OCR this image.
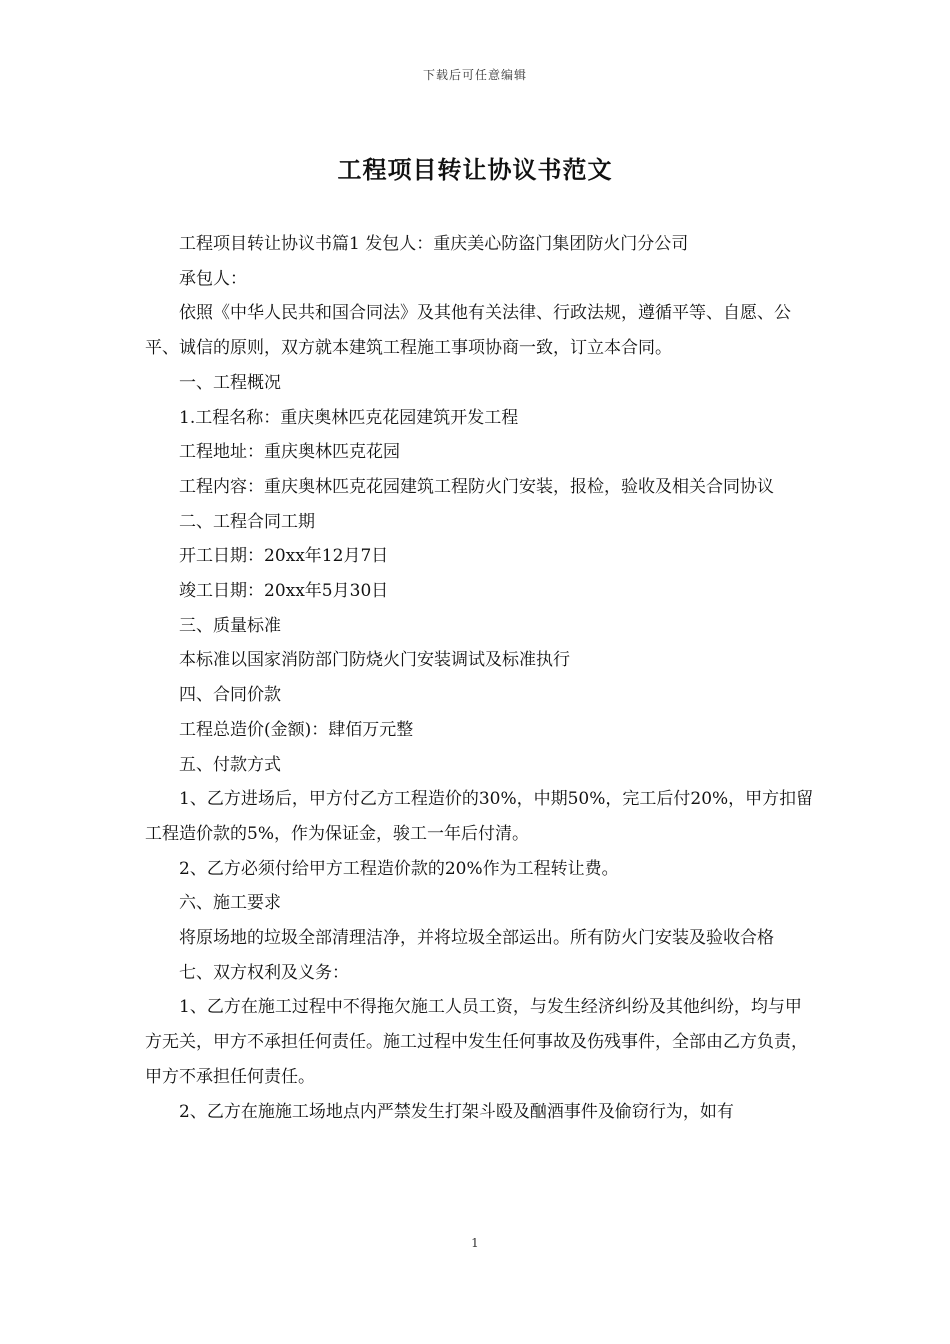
下载后可任意编辑
工程项目转让协议书范文

工程项目转让协议书篇1 发包人：重庆美心防盗门集团防火门分公司

承包人：

依照《中华人民共和国合同法》及其他有关法律、行政法规，遵循平等、自愿、公平、诚信的原则，双方就本建筑工程施工事项协商一致，订立本合同。

一、工程概况

1.工程名称：重庆奥林匹克花园建筑开发工程

工程地址：重庆奥林匹克花园

工程内容：重庆奥林匹克花园建筑工程防火门安装，报检，验收及相关合同协议

二、工程合同工期

开工日期：20xx年12月7日

竣工日期：20xx年5月30日

三、质量标准

本标准以国家消防部门防烧火门安装调试及标准执行

四、合同价款

工程总造价(金额)：肆佰万元整

五、付款方式

1、乙方进场后，甲方付乙方工程造价的30%，中期50%，完工后付20%，甲方扣留工程造价款的5%，作为保证金，骏工一年后付清。

2、乙方必须付给甲方工程造价款的20%作为工程转让费。

六、施工要求

将原场地的垃圾全部清理洁净，并将垃圾全部运出。所有防火门安装及验收合格

七、双方权利及义务：

1、乙方在施工过程中不得拖欠施工人员工资，与发生经济纠纷及其他纠纷，均与甲方无关，甲方不承担任何责任。施工过程中发生任何事故及伤残事件，全部由乙方负责，甲方不承担任何责任。

2、乙方在施施工场地点内严禁发生打架斗殴及酗酒事件及偷窃行为，如有

1
